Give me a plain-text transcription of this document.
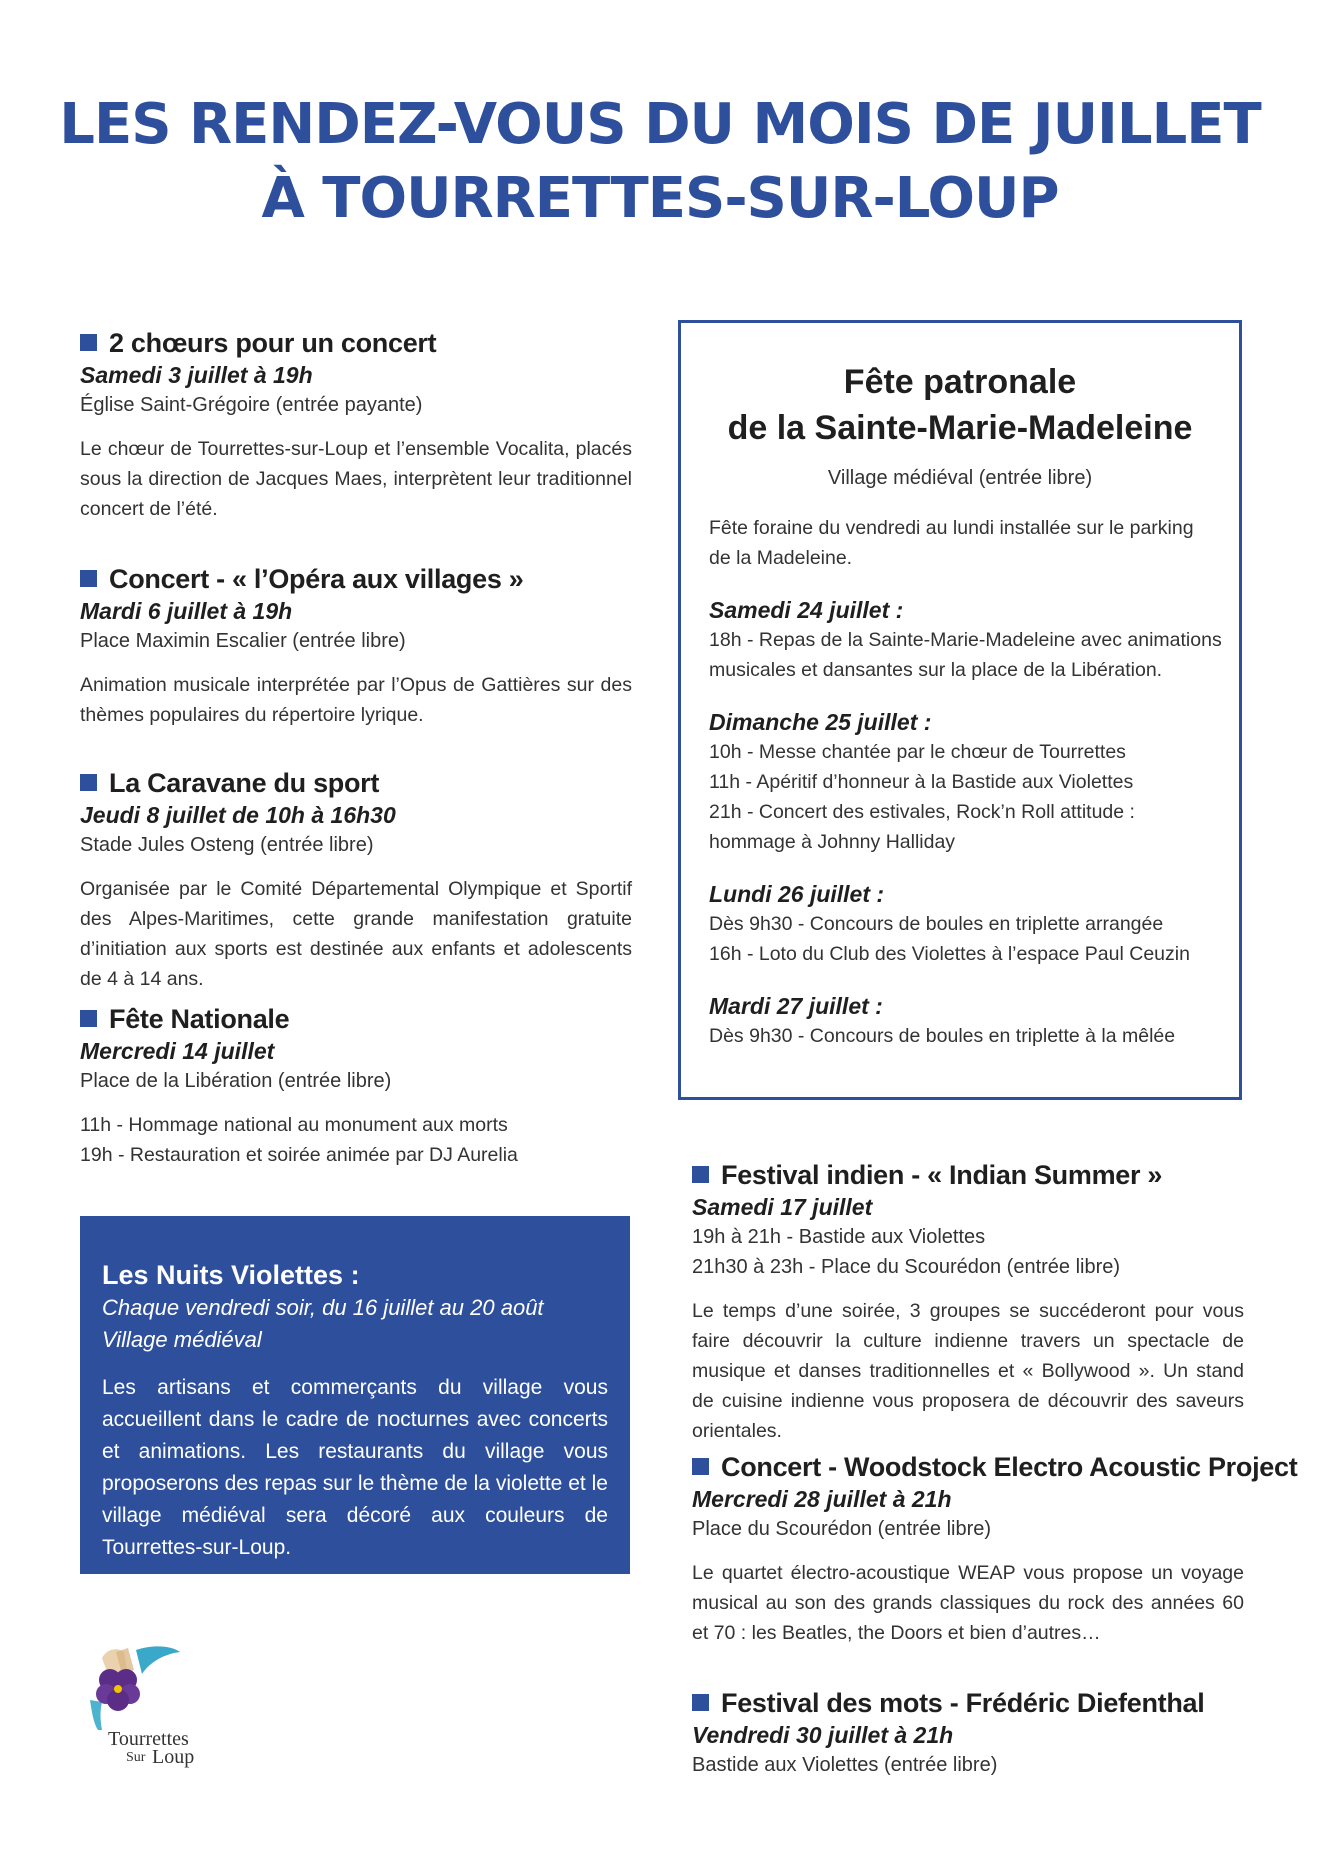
LES RENDEZ-VOUS DU MOIS DE JUILLET
À TOURRETTES-SUR-LOUP
2 chœurs pour un concert
Samedi 3 juillet à 19h
Église Saint-Grégoire (entrée payante)
Le chœur de Tourrettes-sur-Loup et l’ensemble Vocalita, placés sous la direction de Jacques Maes, interprètent leur traditionnel concert de l’été.
Concert - « l’Opéra aux villages »
Mardi 6 juillet à 19h
Place Maximin Escalier (entrée libre)
Animation musicale interprétée par l’Opus de Gattières sur des thèmes populaires du répertoire lyrique.
La Caravane du sport
Jeudi 8 juillet de 10h à 16h30
Stade Jules Osteng (entrée libre)
Organisée par le Comité Départemental Olympique et Sportif des Alpes-Maritimes, cette grande manifestation gratuite d’initiation aux sports est destinée aux enfants et adolescents de 4 à 14 ans.
Fête Nationale
Mercredi 14 juillet
Place de la Libération (entrée libre)
11h - Hommage national au monument aux morts
19h - Restauration et soirée animée par DJ Aurelia
Fête patronale
de la Sainte-Marie-Madeleine
Village médiéval (entrée libre)
Fête foraine du vendredi au lundi installée sur le parking de la Madeleine.
Samedi 24 juillet :
18h - Repas de la Sainte-Marie-Madeleine avec animations
musicales et dansantes sur la place de la Libération.
Dimanche 25 juillet :
10h - Messe chantée par le chœur de Tourrettes
11h - Apéritif d’honneur à la Bastide aux Violettes
21h - Concert des estivales, Rock’n Roll attitude :
hommage à Johnny Halliday
Lundi 26 juillet :
Dès 9h30 - Concours de boules en triplette arrangée
16h - Loto du Club des Violettes à l’espace Paul Ceuzin
Mardi 27 juillet :
Dès 9h30 - Concours de boules en triplette à la mêlée
Festival indien - « Indian Summer »
Samedi 17 juillet
19h à 21h - Bastide aux Violettes
21h30 à 23h - Place du Scourédon (entrée libre)
Le temps d’une soirée, 3 groupes se succéderont pour vous faire découvrir la culture indienne travers un spectacle de musique et danses traditionnelles et « Bollywood ». Un stand de cuisine indienne vous proposera de découvrir des saveurs orientales.
Concert - Woodstock Electro Acoustic Project
Mercredi 28 juillet à 21h
Place du Scourédon (entrée libre)
Le quartet électro-acoustique WEAP vous propose un voyage musical au son des grands classiques du rock des années 60 et 70 : les Beatles, the Doors et bien d’autres…
Festival des mots - Frédéric Diefenthal
Vendredi 30 juillet à 21h
Bastide aux Violettes (entrée libre)
Les Nuits Violettes :
Chaque vendredi soir, du 16 juillet au 20 août
Village médiéval
Les artisans et commerçants du village vous accueillent dans le cadre de nocturnes avec concerts et animations. Les restaurants du village vous proposerons des repas sur le thème de la violette et le village médiéval sera décoré aux couleurs de Tourrettes-sur-Loup.
Tourrettes
Sur Loup
